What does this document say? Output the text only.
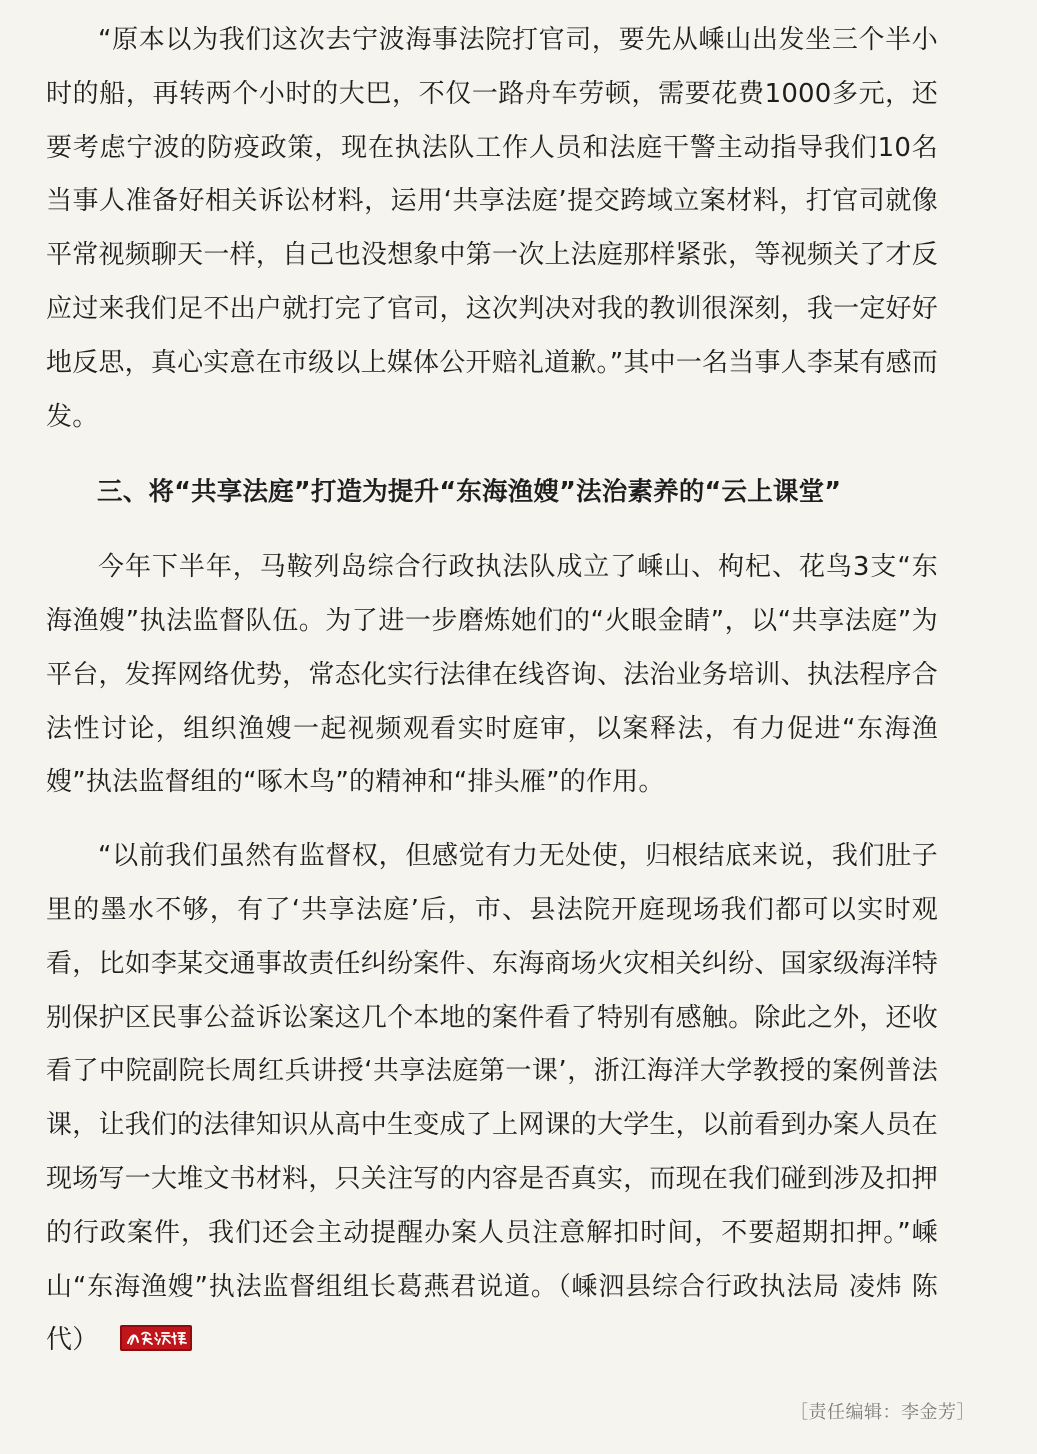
“原本以为我们这次去宁波海事法院打官司，要先从嵊山出发坐三个半小时的船，再转两个小时的大巴，不仅一路舟车劳顿，需要花费1000多元，还要考虑宁波的防疫政策，现在执法队工作人员和法庭干警主动指导我们10名当事人准备好相关诉讼材料，运用‘共享法庭’提交跨域立案材料，打官司就像平常视频聊天一样，自己也没想象中第一次上法庭那样紧张，等视频关了才反应过来我们足不出户就打完了官司，这次判决对我的教训很深刻，我一定好好地反思，真心实意在市级以上媒体公开赔礼道歉。”其中一名当事人李某有感而发。

三、将“共享法庭”打造为提升“东海渔嫂”法治素养的“云上课堂”

今年下半年，马鞍列岛综合行政执法队成立了嵊山、枸杞、花鸟3支“东海渔嫂”执法监督队伍。为了进一步磨炼她们的“火眼金睛”，以“共享法庭”为平台，发挥网络优势，常态化实行法律在线咨询、法治业务培训、执法程序合法性讨论，组织渔嫂一起视频观看实时庭审，以案释法，有力促进“东海渔嫂”执法监督组的“啄木鸟”的精神和“排头雁”的作用。

“以前我们虽然有监督权，但感觉有力无处使，归根结底来说，我们肚子里的墨水不够，有了‘共享法庭’后，市、县法院开庭现场我们都可以实时观看，比如李某交通事故责任纠纷案件、东海商场火灾相关纠纷、国家级海洋特别保护区民事公益诉讼案这几个本地的案件看了特别有感触。除此之外，还收看了中院副院长周红兵讲授‘共享法庭第一课’，浙江海洋大学教授的案例普法课，让我们的法律知识从高中生变成了上网课的大学生，以前看到办案人员在现场写一大堆文书材料，只关注写的内容是否真实，而现在我们碰到涉及扣押的行政案件，我们还会主动提醒办案人员注意解扣时间，不要超期扣押。”嵊山“东海渔嫂”执法监督组组长葛燕君说道。（嵊泗县综合行政执法局 凌炜 陈代）

［责任编辑：李金芳］
